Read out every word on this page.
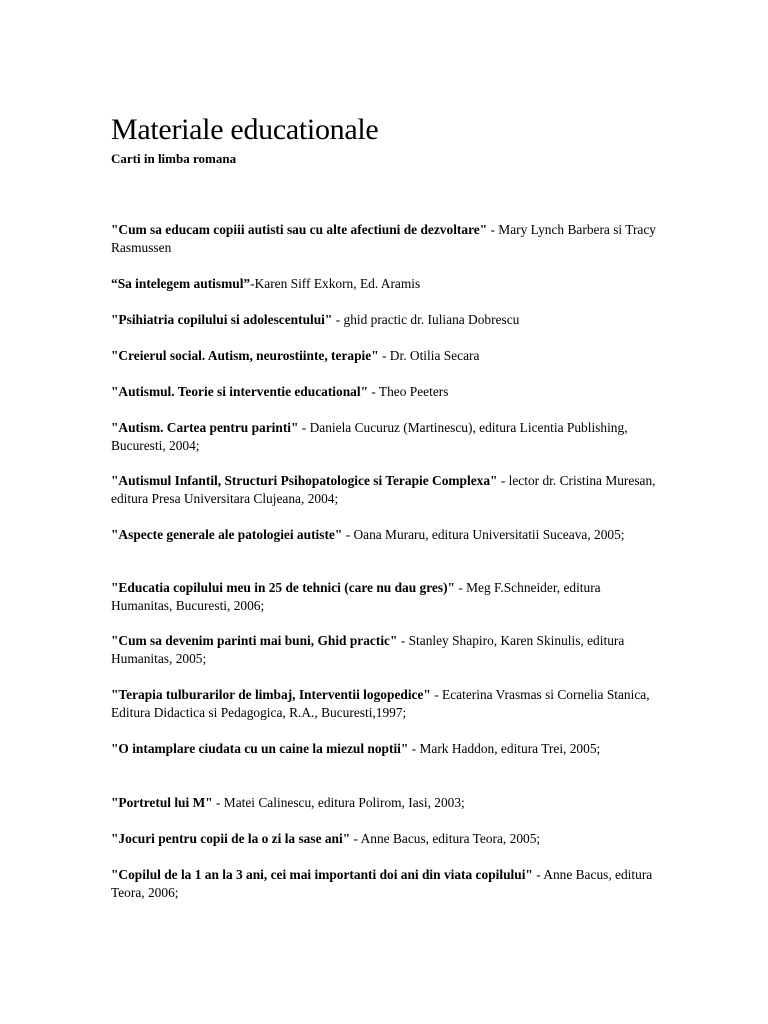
Materiale educationale
Carti in limba romana
"Cum sa educam copiii autisti sau cu alte afectiuni de dezvoltare" - Mary Lynch Barbera si Tracy Rasmussen
“Sa intelegem autismul”-Karen Siff Exkorn, Ed. Aramis
"Psihiatria copilului si adolescentului" - ghid practic dr. Iuliana Dobrescu
"Creierul social. Autism, neurostiinte, terapie" - Dr. Otilia Secara
"Autismul. Teorie si interventie educational" - Theo Peeters
"Autism. Cartea pentru parinti" - Daniela Cucuruz (Martinescu), editura Licentia Publishing, Bucuresti, 2004;
"Autismul Infantil, Structuri Psihopatologice si Terapie Complexa" - lector dr. Cristina Muresan, editura Presa Universitara Clujeana, 2004;
"Aspecte generale ale patologiei autiste" - Oana Muraru, editura Universitatii Suceava, 2005;
"Educatia copilului meu in 25 de tehnici (care nu dau gres)" - Meg F.Schneider, editura Humanitas, Bucuresti, 2006;
"Cum sa devenim parinti mai buni, Ghid practic" - Stanley Shapiro, Karen Skinulis, editura Humanitas, 2005;
"Terapia tulburarilor de limbaj, Interventii logopedice" - Ecaterina Vrasmas si Cornelia Stanica, Editura Didactica si Pedagogica, R.A., Bucuresti,1997;
"O intamplare ciudata cu un caine la miezul noptii" - Mark Haddon, editura Trei, 2005;
"Portretul lui M" - Matei Calinescu, editura Polirom, Iasi, 2003;
"Jocuri pentru copii de la o zi la sase ani" - Anne Bacus, editura Teora, 2005;
"Copilul de la 1 an la 3 ani, cei mai importanti doi ani din viata copilului" - Anne Bacus, editura Teora, 2006;
